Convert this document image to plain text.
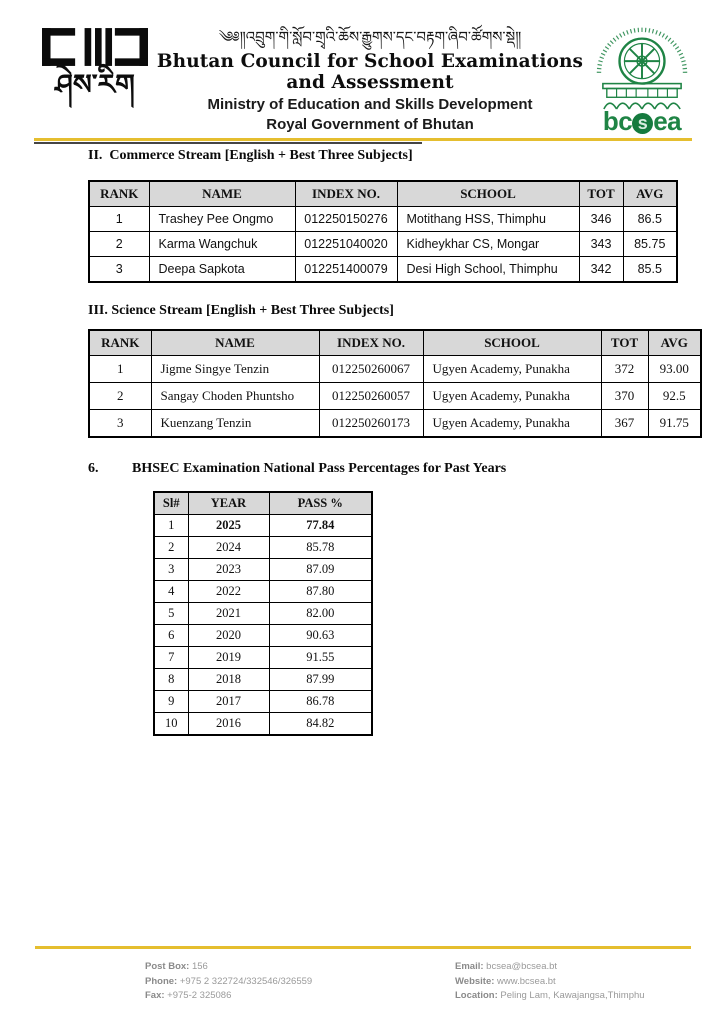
ཤེས་རིག
༄༅༎འབྲུག་གི་སློབ་གྲྭའི་ཆོས་རྒྱུགས་དང་བརྟག་ཞིབ་ཚོགས་སྡེ༎
Bhutan Council for School Examinations and Assessment
Ministry of Education and Skills Development
Royal Government of Bhutan	bc s ea
II.  Commerce Stream [English + Best Three Subjects]
RANK	NAME	INDEX NO.	SCHOOL	TOT	AVG
1	Trashey Pee Ongmo	012250150276	Motithang HSS, Thimphu	346	86.5
2	Karma Wangchuk	012251040020	Kidheykhar CS, Mongar	343	85.75
3	Deepa Sapkota	012251400079	Desi High School, Thimphu	342	85.5
III. Science Stream [English + Best Three Subjects]
RANK	NAME	INDEX NO.	SCHOOL	TOT	AVG
1	Jigme Singye Tenzin	012250260067	Ugyen Academy, Punakha	372	93.00
2	Sangay Choden Phuntsho	012250260057	Ugyen Academy, Punakha	370	92.5
3	Kuenzang Tenzin	012250260173	Ugyen Academy, Punakha	367	91.75
6.	BHSEC Examination National Pass Percentages for Past Years
Sl#	YEAR	PASS %
1	2025	77.84
2	2024	85.78
3	2023	87.09
4	2022	87.80
5	2021	82.00
6	2020	90.63
7	2019	91.55
8	2018	87.99
9	2017	86.78
10	2016	84.82
Post Box: 156
Phone: +975 2 322724/332546/326559
Fax: +975-2 325086
Email: bcsea@bcsea.bt
Website: www.bcsea.bt
Location: Peling Lam, Kawajangsa,Thimphu
